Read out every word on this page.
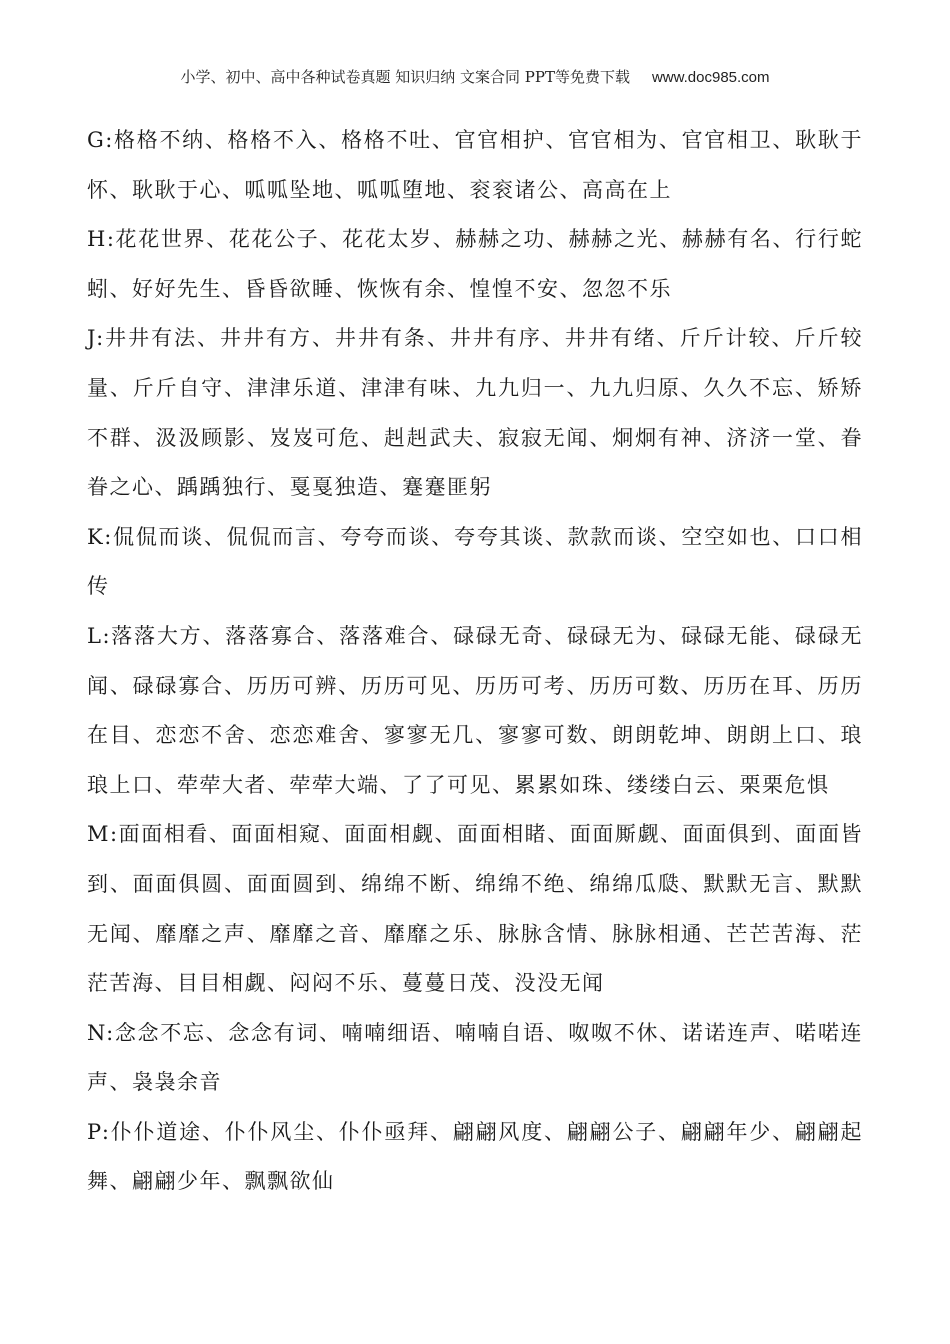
小学、初中、高中各种试卷真题 知识归纳 文案合同 PPT等免费下载 www.doc985.com

G:格格不纳、格格不入、格格不吐、官官相护、官官相为、官官相卫、耿耿于怀、耿耿于心、呱呱坠地、呱呱堕地、衮衮诸公、高高在上

H:花花世界、花花公子、花花太岁、赫赫之功、赫赫之光、赫赫有名、行行蛇蚓、好好先生、昏昏欲睡、恢恢有余、惶惶不安、忽忽不乐

J:井井有法、井井有方、井井有条、井井有序、井井有绪、斤斤计较、斤斤较量、斤斤自守、津津乐道、津津有味、九九归一、九九归原、久久不忘、矫矫不群、汲汲顾影、岌岌可危、赳赳武夫、寂寂无闻、炯炯有神、济济一堂、眷眷之心、踽踽独行、戛戛独造、蹇蹇匪躬

K:侃侃而谈、侃侃而言、夸夸而谈、夸夸其谈、款款而谈、空空如也、口口相传

L:落落大方、落落寡合、落落难合、碌碌无奇、碌碌无为、碌碌无能、碌碌无闻、碌碌寡合、历历可辨、历历可见、历历可考、历历可数、历历在耳、历历在目、恋恋不舍、恋恋难舍、寥寥无几、寥寥可数、朗朗乾坤、朗朗上口、琅琅上口、荦荦大者、荦荦大端、了了可见、累累如珠、缕缕白云、栗栗危惧

M:面面相看、面面相窥、面面相觑、面面相睹、面面厮觑、面面俱到、面面皆到、面面俱圆、面面圆到、绵绵不断、绵绵不绝、绵绵瓜瓞、默默无言、默默无闻、靡靡之声、靡靡之音、靡靡之乐、脉脉含情、脉脉相通、芒芒苦海、茫茫苦海、目目相觑、闷闷不乐、蔓蔓日茂、没没无闻

N:念念不忘、念念有词、喃喃细语、喃喃自语、呶呶不休、诺诺连声、喏喏连声、袅袅余音

P:仆仆道途、仆仆风尘、仆仆亟拜、翩翩风度、翩翩公子、翩翩年少、翩翩起舞、翩翩少年、飘飘欲仙
